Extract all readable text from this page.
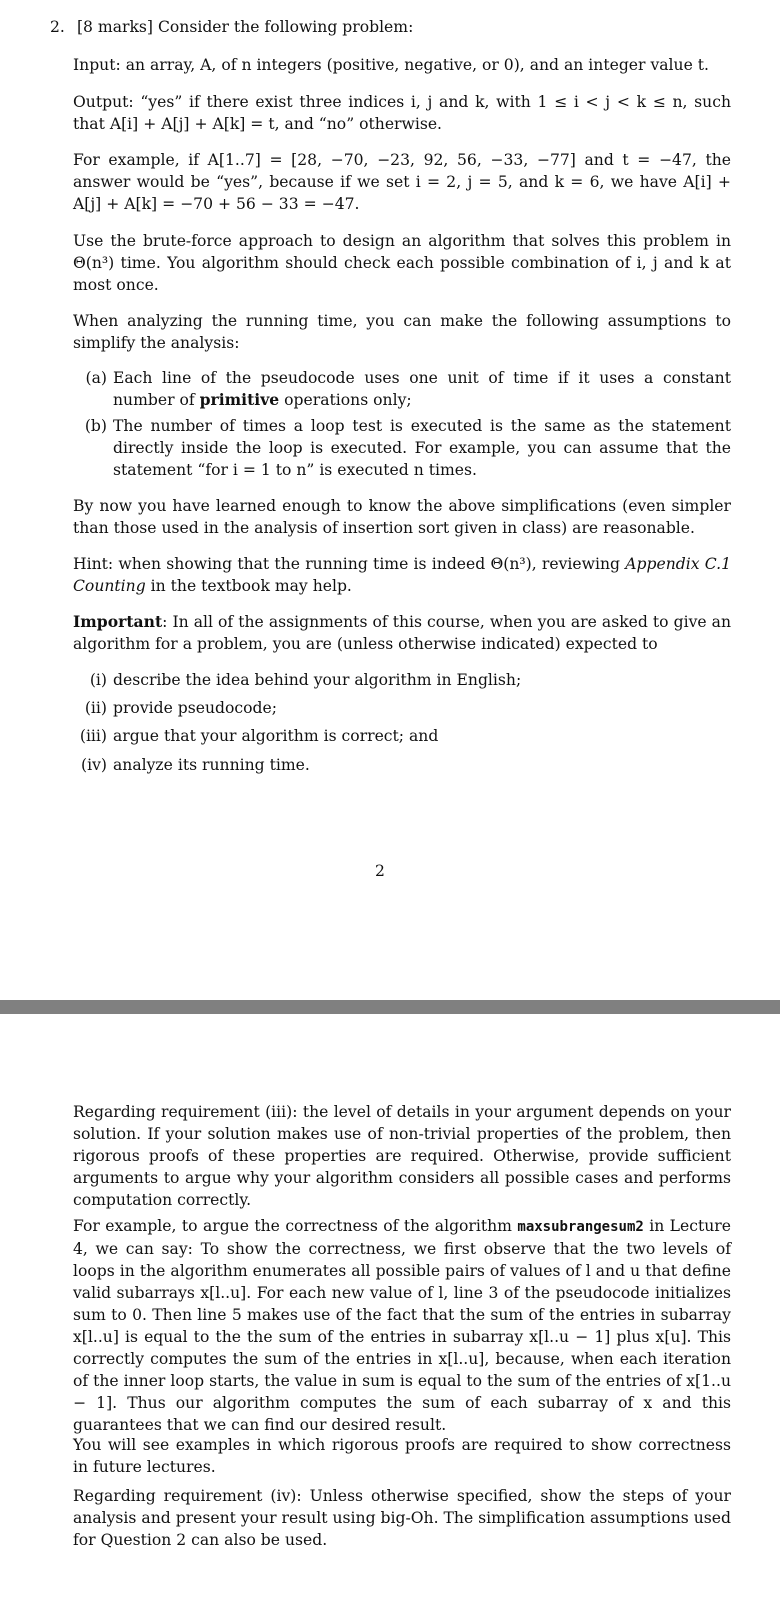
2. [8 marks] Consider the following problem:

Input: an array, A, of n integers (positive, negative, or 0), and an integer value t.

Output: “yes” if there exist three indices i, j and k, with 1 ≤ i < j < k ≤ n, such that A[i] + A[j] + A[k] = t, and “no” otherwise.

For example, if A[1..7] = [28, −70, −23, 92, 56, −33, −77] and t = −47, the answer would be “yes”, because if we set i = 2, j = 5, and k = 6, we have A[i] + A[j] + A[k] = −70 + 56 − 33 = −47.

Use the brute-force approach to design an algorithm that solves this problem in Θ(n³) time. You algorithm should check each possible combination of i, j and k at most once.

When analyzing the running time, you can make the following assumptions to simplify the analysis:

(a) Each line of the pseudocode uses one unit of time if it uses a constant number of primitive operations only;
(b) The number of times a loop test is executed is the same as the statement directly inside the loop is executed. For example, you can assume that the statement “for i = 1 to n” is executed n times.

By now you have learned enough to know the above simplifications (even simpler than those used in the analysis of insertion sort given in class) are reasonable.

Hint: when showing that the running time is indeed Θ(n³), reviewing Appendix C.1 Counting in the textbook may help.

Important: In all of the assignments of this course, when you are asked to give an algorithm for a problem, you are (unless otherwise indicated) expected to

(i) describe the idea behind your algorithm in English;
(ii) provide pseudocode;
(iii) argue that your algorithm is correct; and
(iv) analyze its running time.
2

Regarding requirement (iii): the level of details in your argument depends on your solution. If your solution makes use of non-trivial properties of the problem, then rigorous proofs of these properties are required. Otherwise, provide sufficient arguments to argue why your algorithm considers all possible cases and performs computation correctly.

For example, to argue the correctness of the algorithm maxsubrangesum2 in Lecture 4, we can say: To show the correctness, we first observe that the two levels of loops in the algorithm enumerates all possible pairs of values of l and u that define valid subarrays x[l..u]. For each new value of l, line 3 of the pseudocode initializes sum to 0. Then line 5 makes use of the fact that the sum of the entries in subarray x[l..u] is equal to the the sum of the entries in subarray x[l..u − 1] plus x[u]. This correctly computes the sum of the entries in x[l..u], because, when each iteration of the inner loop starts, the value in sum is equal to the sum of the entries of x[1..u − 1]. Thus our algorithm computes the sum of each subarray of x and this guarantees that we can find our desired result.

You will see examples in which rigorous proofs are required to show correctness in future lectures.

Regarding requirement (iv): Unless otherwise specified, show the steps of your analysis and present your result using big-Oh. The simplification assumptions used for Question 2 can also be used.
